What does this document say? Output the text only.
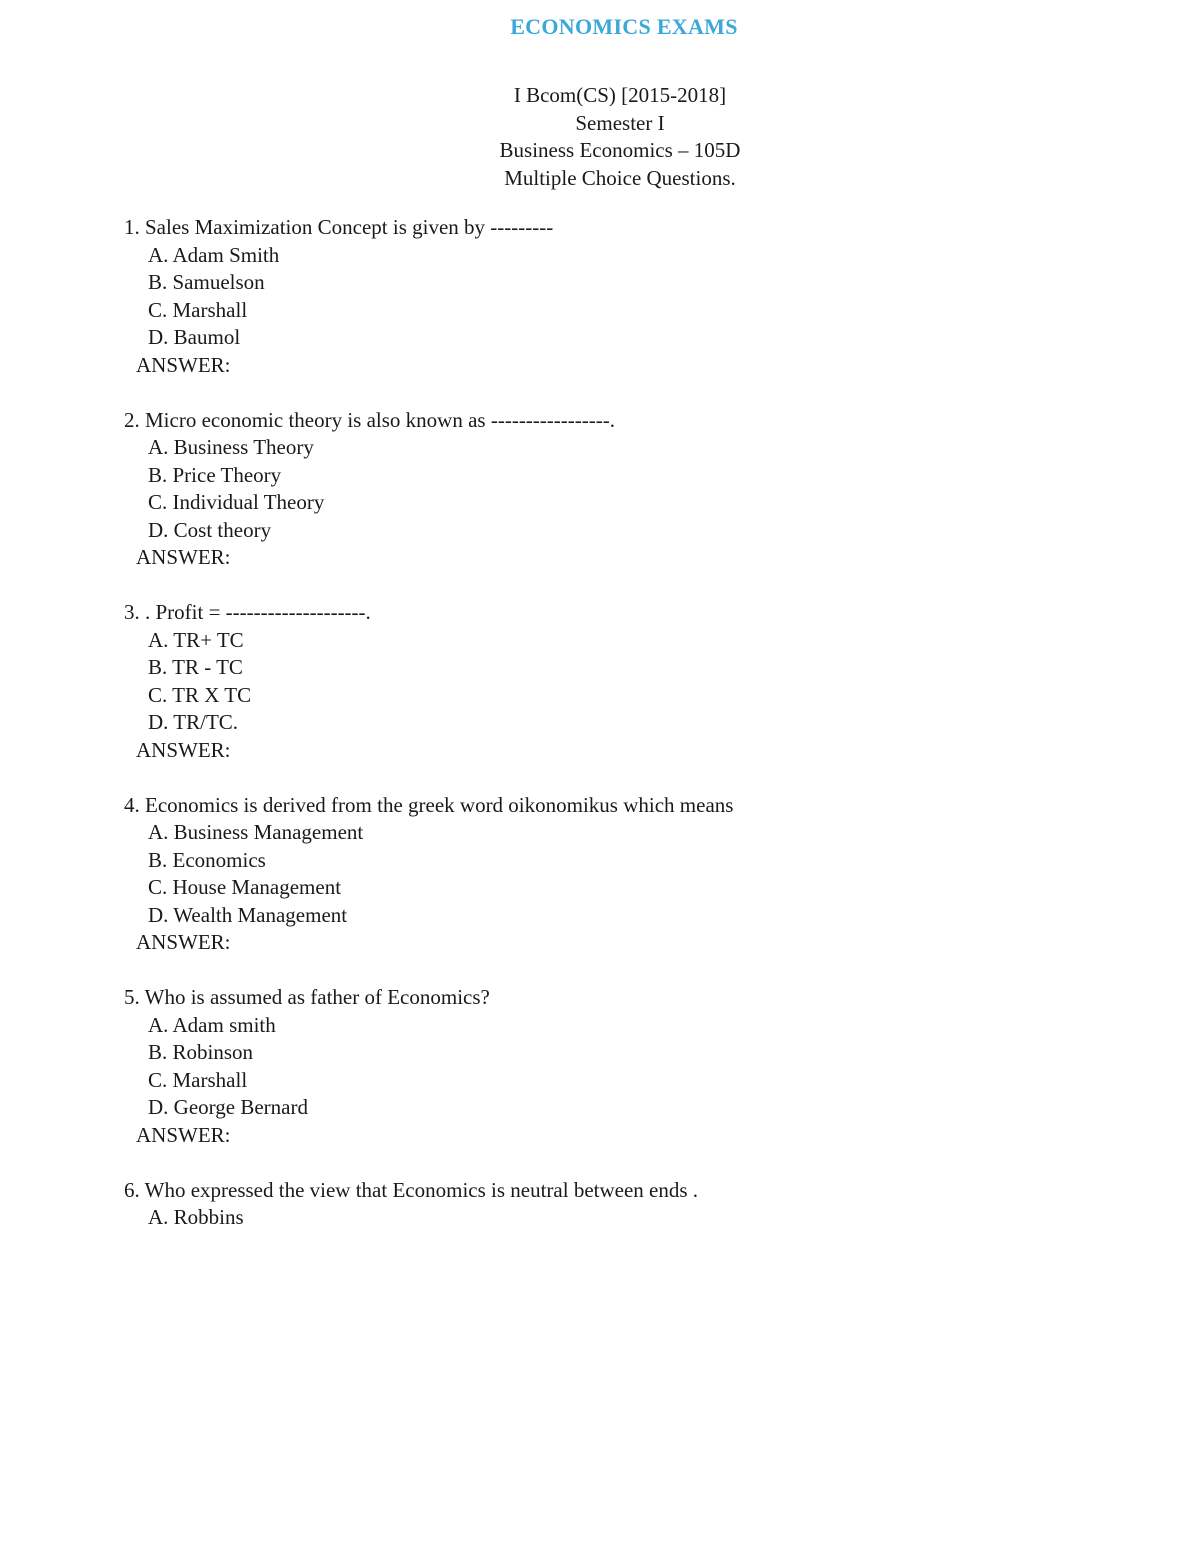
ECONOMICS EXAMS
I Bcom(CS) [2015-2018]
Semester I
Business Economics – 105D
Multiple Choice Questions.
1. Sales Maximization Concept is given by ---------
A. Adam Smith
B. Samuelson
C. Marshall
D. Baumol
ANSWER:
2. Micro economic theory is also known as -----------------.
A. Business Theory
B. Price Theory
C. Individual Theory
D. Cost theory
ANSWER:
3. . Profit = --------------------.
A. TR+ TC
B. TR - TC
C. TR X TC
D. TR/TC.
ANSWER:
4. Economics is derived from the greek word oikonomikus which means
A. Business Management
B. Economics
C. House Management
D. Wealth Management
ANSWER:
5. Who is assumed as father of Economics?
A. Adam smith
B. Robinson
C. Marshall
D. George Bernard
ANSWER:
6. Who expressed the view that Economics is neutral between ends .
A. Robbins
